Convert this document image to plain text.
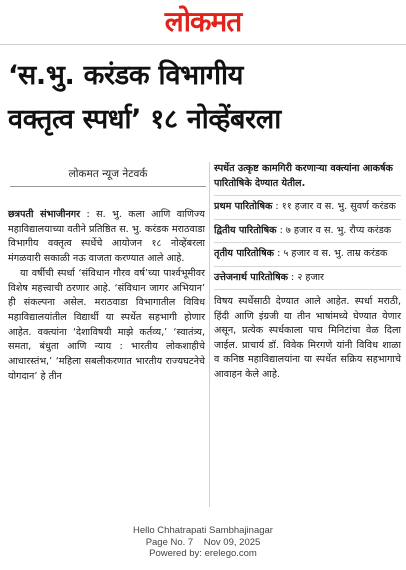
लोकमत
‘स.भु. करंडक विभागीय
वक्तृत्व स्पर्धा’ १८ नोव्हेंबरला
लोकमत न्यूज नेटवर्क

छत्रपती संभाजीनगर : स. भु. कला आणि वाणिज्य महाविद्यालयाच्या वतीने प्रतिष्ठित स. भु. करंडक मराठवाडा विभागीय वक्तृत्व स्पर्धेचे आयोजन १८ नोव्हेंबरला मंगळवारी सकाळी नऊ वाजता करण्यात आले आहे.

या वर्षीची स्पर्धा ‘संविधान गौरव वर्ष’च्या पार्श्वभूमीवर विशेष महत्त्वाची ठरणार आहे. ‘संविधान जागर अभियान’ ही संकल्पना असेल. मराठवाडा विभागातील विविध महाविद्यालयांतील विद्यार्थी या स्पर्धेत सहभागी होणार आहेत. वक्त्यांना ‘देशाविषयी माझे कर्तव्य,’ ‘स्वातंत्र्य, समता, बंधुता आणि न्याय : भारतीय लोकशाहीचे आधारस्तंभ,’ ‘महिला सबलीकरणात भारतीय राज्यघटनेचे योगदान’ हे तीन

स्पर्धेत उत्कृष्ट कामगिरी करणाऱ्या वक्त्यांना आकर्षक पारितोषिके देण्यात येतील.
प्रथम पारितोषिक : ११ हजार व स. भु. सुवर्ण करंडक
द्वितीय पारितोषिक : ७ हजार व स. भु. रौप्य करंडक
तृतीय पारितोषिक : ५ हजार व स. भु. ताम्र करंडक
उत्तेजनार्थ पारितोषिक : २ हजार
विषय स्पर्धेसाठी देण्यात आले आहेत. स्पर्धा मराठी, हिंदी आणि इंग्रजी या तीन भाषांमध्ये घेण्यात येणार असून, प्रत्येक स्पर्धकाला पाच मिनिटांचा वेळ दिला जाईल. प्राचार्य डॉ. विवेक मिरगणे यांनी विविध शाळा व कनिष्ठ महाविद्यालयांना या स्पर्धेत सक्रिय सहभागाचे आवाहन केले आहे.
Hello Chhatrapati Sambhajinagar
Page No. 7    Nov 09, 2025
Powered by: erelego.com
